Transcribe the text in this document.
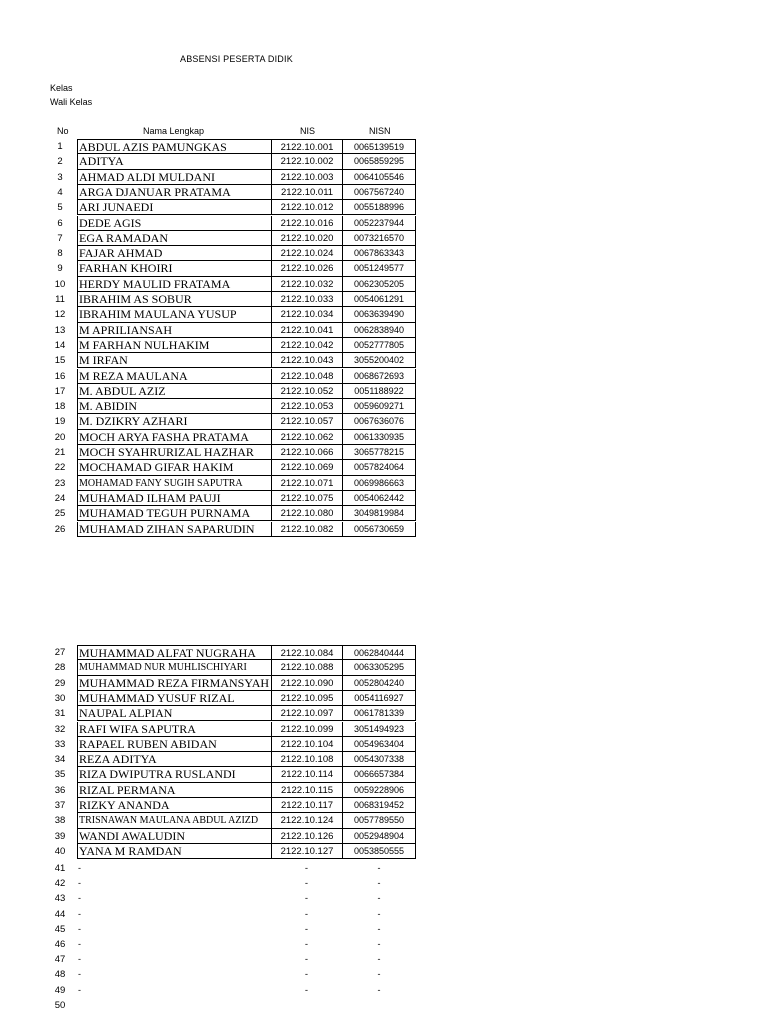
ABSENSI PESERTA DIDIK
Kelas
Wali Kelas
No	Nama Lengkap	NIS	NISN
1	ABDUL AZIS PAMUNGKAS	2122.10.001	0065139519
2	ADITYA	2122.10.002	0065859295
3	AHMAD ALDI MULDANI	2122.10.003	0064105546
4	ARGA DJANUAR PRATAMA	2122.10.011	0067567240
5	ARI JUNAEDI	2122.10.012	0055188996
6	DEDE AGIS	2122.10.016	0052237944
7	EGA RAMADAN	2122.10.020	0073216570
8	FAJAR AHMAD	2122.10.024	0067863343
9	FARHAN KHOIRI	2122.10.026	0051249577
10	HERDY MAULID FRATAMA	2122.10.032	0062305205
11	IBRAHIM AS SOBUR	2122.10.033	0054061291
12	IBRAHIM MAULANA YUSUP	2122.10.034	0063639490
13	M APRILIANSAH	2122.10.041	0062838940
14	M FARHAN NULHAKIM	2122.10.042	0052777805
15	M IRFAN	2122.10.043	3055200402
16	M REZA MAULANA	2122.10.048	0068672693
17	M. ABDUL AZIZ	2122.10.052	0051188922
18	M. ABIDIN	2122.10.053	0059609271
19	M. DZIKRY AZHARI	2122.10.057	0067636076
20	MOCH ARYA FASHA PRATAMA	2122.10.062	0061330935
21	MOCH SYAHRURIZAL HAZHAR	2122.10.066	3065778215
22	MOCHAMAD GIFAR HAKIM	2122.10.069	0057824064
23	MOHAMAD FANY SUGIH SAPUTRA	2122.10.071	0069986663
24	MUHAMAD ILHAM PAUJI	2122.10.075	0054062442
25	MUHAMAD TEGUH PURNAMA	2122.10.080	3049819984
26	MUHAMAD ZIHAN SAPARUDIN	2122.10.082	0056730659
27	MUHAMMAD ALFAT NUGRAHA	2122.10.084	0062840444
28	MUHAMMAD NUR MUHLISCHIYARI	2122.10.088	0063305295
29	MUHAMMAD REZA FIRMANSYAH	2122.10.090	0052804240
30	MUHAMMAD YUSUF RIZAL	2122.10.095	0054116927
31	NAUPAL ALPIAN	2122.10.097	0061781339
32	RAFI WIFA SAPUTRA	2122.10.099	3051494923
33	RAPAEL RUBEN ABIDAN	2122.10.104	0054963404
34	REZA ADITYA	2122.10.108	0054307338
35	RIZA DWIPUTRA RUSLANDI	2122.10.114	0066657384
36	RIZAL PERMANA	2122.10.115	0059228906
37	RIZKY ANANDA	2122.10.117	0068319452
38	TRISNAWAN MAULANA ABDUL AZIZD	2122.10.124	0057789550
39	WANDI AWALUDIN	2122.10.126	0052948904
40	YANA M RAMDAN	2122.10.127	0053850555
41	-	-	-
42	-	-	-
43	-	-	-
44	-	-	-
45	-	-	-
46	-	-	-
47	-	-	-
48	-	-	-
49	-	-	-
50
